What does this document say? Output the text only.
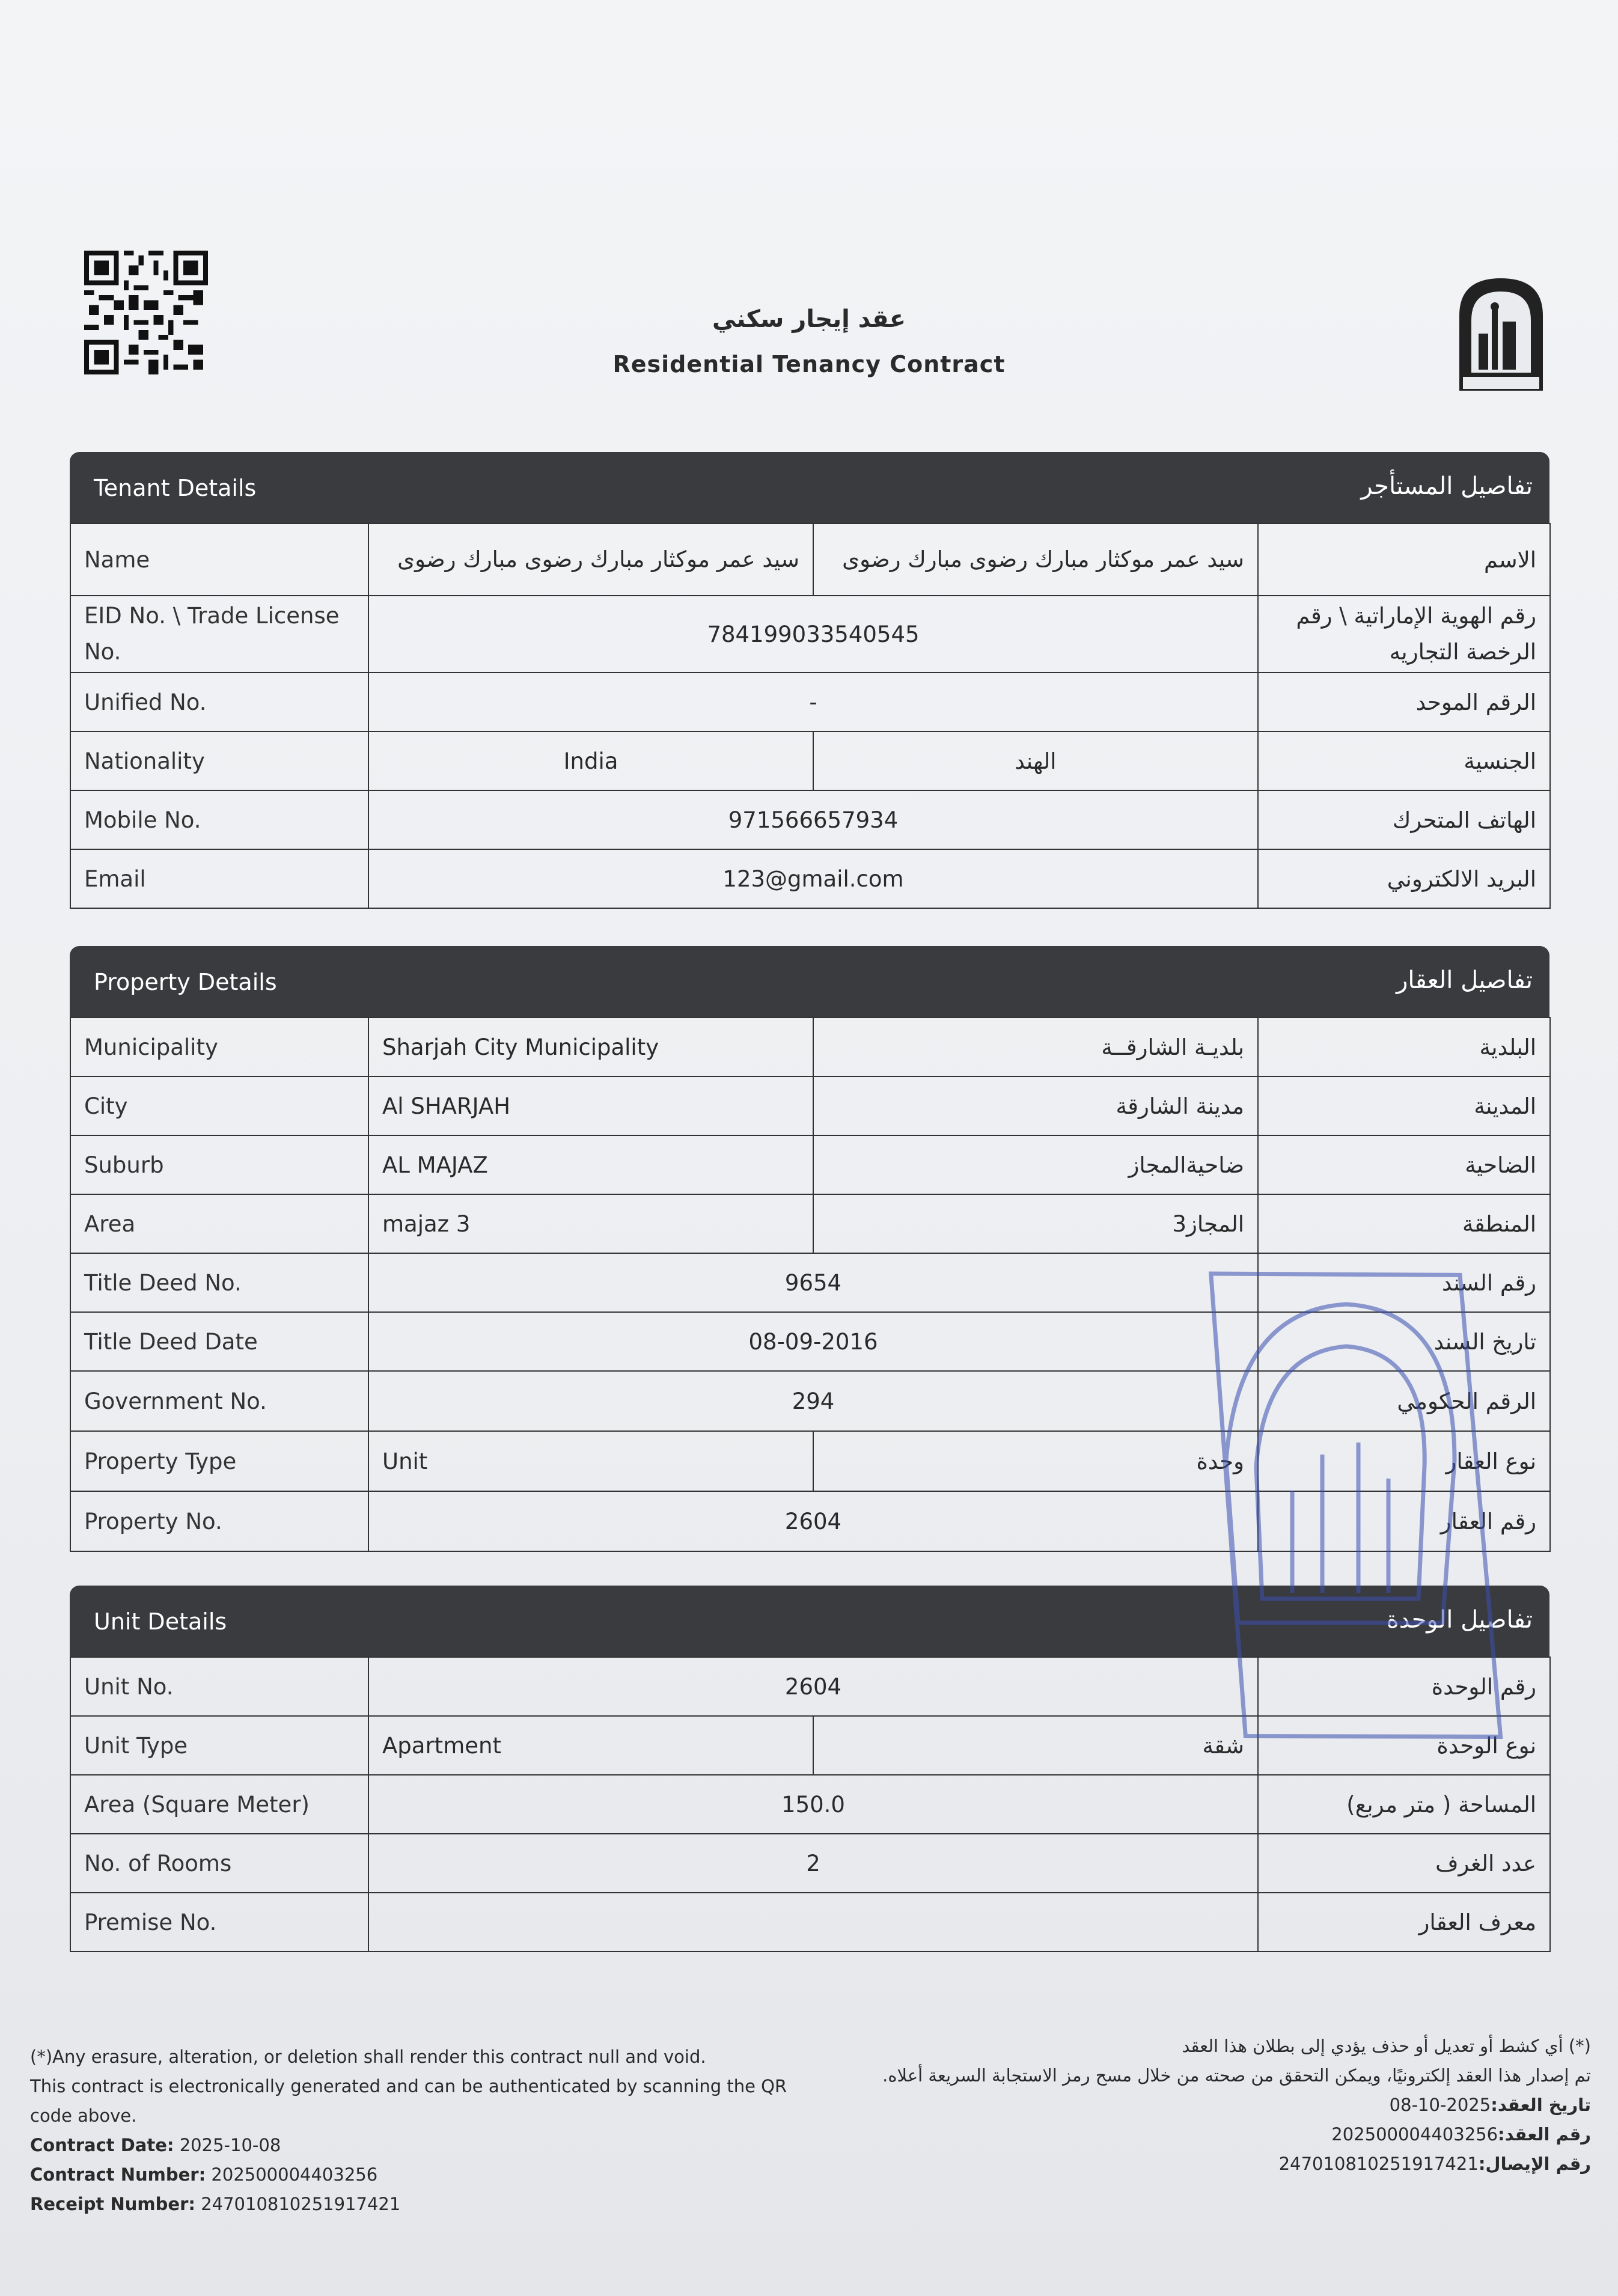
عقد إيجار سكني
Residential Tenancy Contract
Tenant Details	تفاصيل المستأجر
Name	سيد عمر موكثار مبارك رضوى مبارك رضوى	سيد عمر موكثار مبارك رضوى مبارك رضوى	الاسم
EID No. \ Trade License No.	784199033540545		رقم الهوية الإماراتية \ رقم الرخصة التجاريه
Unified No.	-		الرقم الموحد
Nationality	India	الهند	الجنسية
Mobile No.	971566657934		الهاتف المتحرك
Email	123@gmail.com		البريد الالكتروني
Property Details	تفاصيل العقار
Municipality	Sharjah City Municipality	بلديـة الشارقــة	البلدية
City	Al SHARJAH	مدينة الشارقة	المدينة
Suburb	AL MAJAZ	ضاحيةالمجاز	الضاحية
Area	majaz 3	المجاز3	المنطقة
Title Deed No.	9654		رقم السند
Title Deed Date	08-09-2016		تاريخ السند
Government No.	294		الرقم الحكومي
Property Type	Unit	وحدة	نوع العقار
Property No.	2604		رقم العقار
Unit Details	تفاصيل الوحدة
Unit No.	2604		رقم الوحدة
Unit Type	Apartment	شقة	نوع الوحدة
Area (Square Meter)	150.0		المساحة ( متر مربع)
No. of Rooms	2		عدد الغرف
Premise No.			معرف العقار
(*)Any erasure, alteration, or deletion shall render this contract null and void.
This contract is electronically generated and can be authenticated by scanning the QR code above.
Contract Date: 2025-10-08
Contract Number: 202500004403256
Receipt Number: 247010810251917421
(*) أي كشط أو تعديل أو حذف يؤدي إلى بطلان هذا العقد
تم إصدار هذا العقد إلكترونيًا، ويمكن التحقق من صحته من خلال مسح رمز الاستجابة السريعة أعلاه.
تاريخ العقد:2025-10-08
رقم العقد:202500004403256
رقم الإيصال:247010810251917421
